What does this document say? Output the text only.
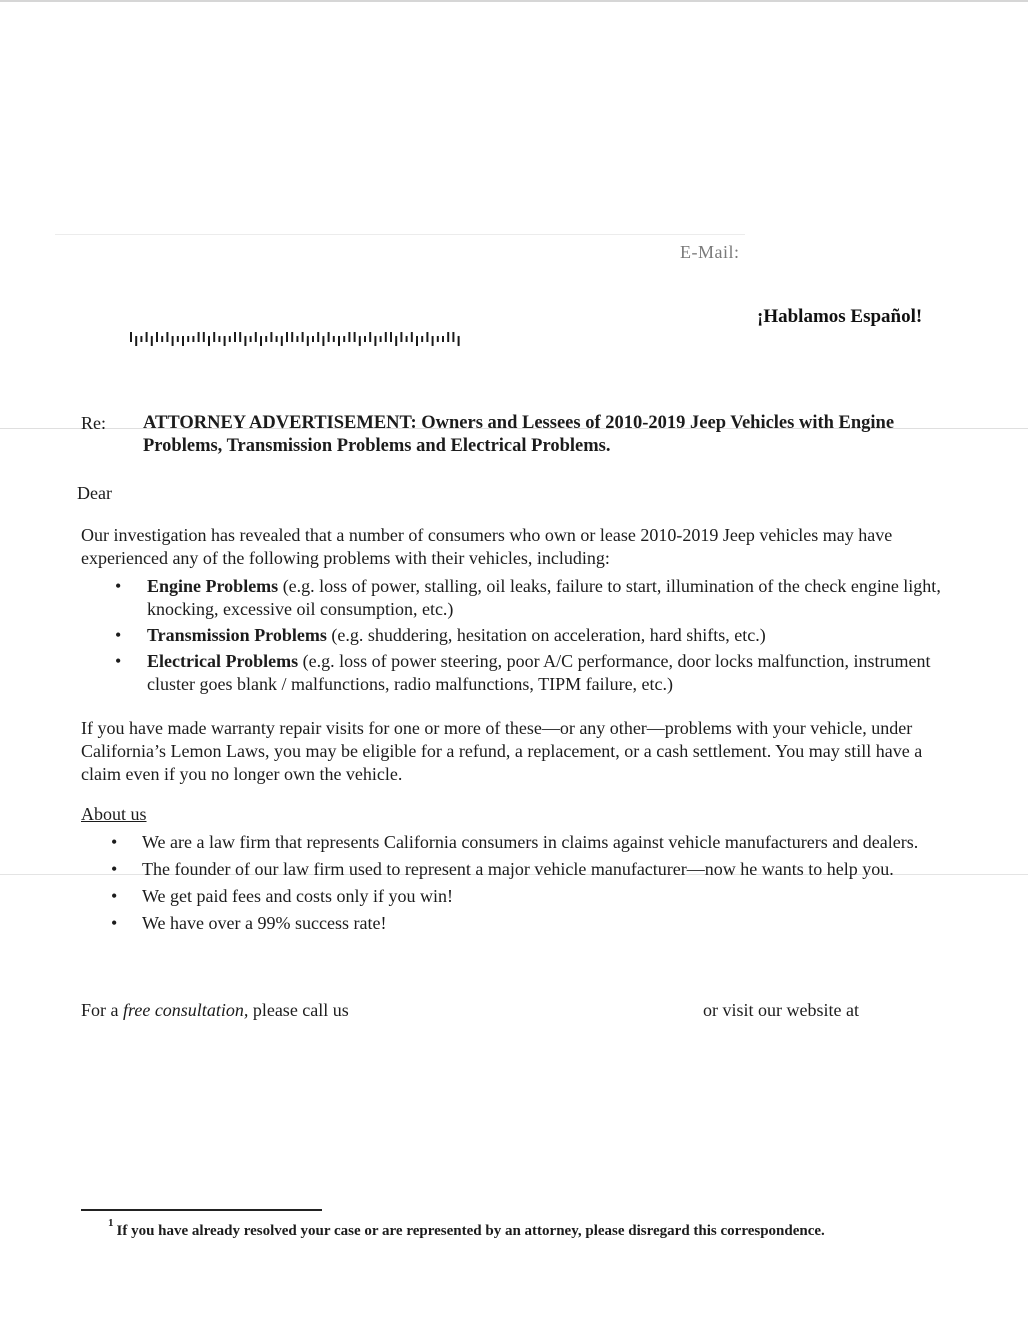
E-Mail:
¡Hablamos Español!
Re: ATTORNEY ADVERTISEMENT: Owners and Lessees of 2010-2019 Jeep Vehicles with Engine Problems, Transmission Problems and Electrical Problems.
Dear
Our investigation has revealed that a number of consumers who own or lease 2010-2019 Jeep vehicles may have experienced any of the following problems with their vehicles, including:
• Engine Problems (e.g. loss of power, stalling, oil leaks, failure to start, illumination of the check engine light, knocking, excessive oil consumption, etc.)
• Transmission Problems (e.g. shuddering, hesitation on acceleration, hard shifts, etc.)
• Electrical Problems (e.g. loss of power steering, poor A/C performance, door locks malfunction, instrument cluster goes blank / malfunctions, radio malfunctions, TIPM failure, etc.)
If you have made warranty repair visits for one or more of these—or any other—problems with your vehicle, under California’s Lemon Laws, you may be eligible for a refund, a replacement, or a cash settlement. You may still have a claim even if you no longer own the vehicle.
About us
• We are a law firm that represents California consumers in claims against vehicle manufacturers and dealers.
• The founder of our law firm used to represent a major vehicle manufacturer—now he wants to help you.
• We get paid fees and costs only if you win!
• We have over a 99% success rate!
For a free consultation, please call us	or visit our website at
$^1$ If you have already resolved your case or are represented by an attorney, please disregard this correspondence.
